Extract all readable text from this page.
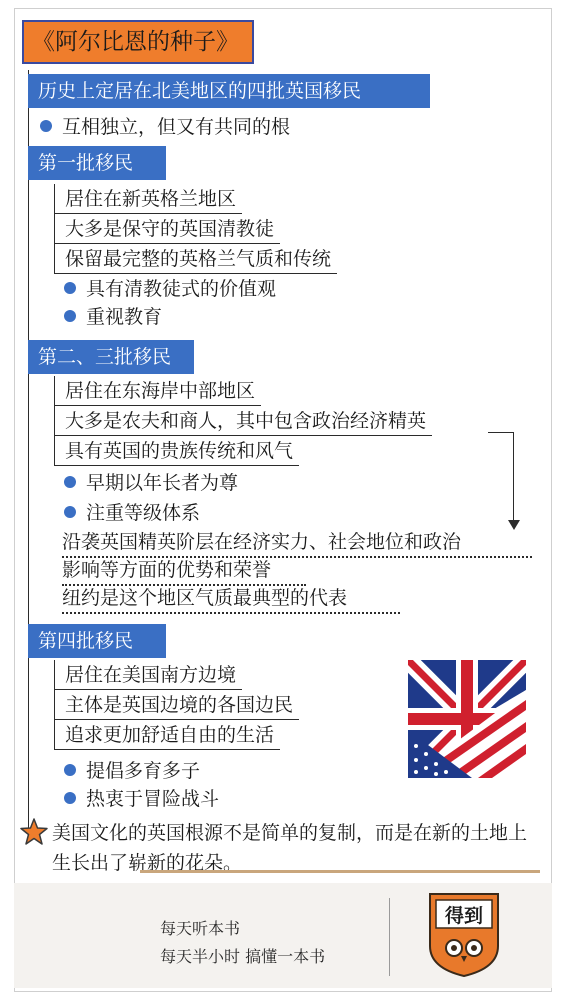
《阿尔比恩的种子》
历史上定居在北美地区的四批英国移民
互相独立，但又有共同的根
第一批移民
居住在新英格兰地区
大多是保守的英国清教徒
保留最完整的英格兰气质和传统
具有清教徒式的价值观
重视教育
第二、三批移民
居住在东海岸中部地区
大多是农夫和商人，其中包含政治经济精英
具有英国的贵族传统和风气
早期以年长者为尊
注重等级体系
沿袭英国精英阶层在经济实力、社会地位和政治
影响等方面的优势和荣誉
纽约是这个地区气质最典型的代表
第四批移民
居住在美国南方边境
主体是英国边境的各国边民
追求更加舒适自由的生活
提倡多育多子
热衷于冒险战斗
美国文化的英国根源不是简单的复制，而是在新的土地上生长出了崭新的花朵。
每天听本书
每天半小时 搞懂一本书
得到
